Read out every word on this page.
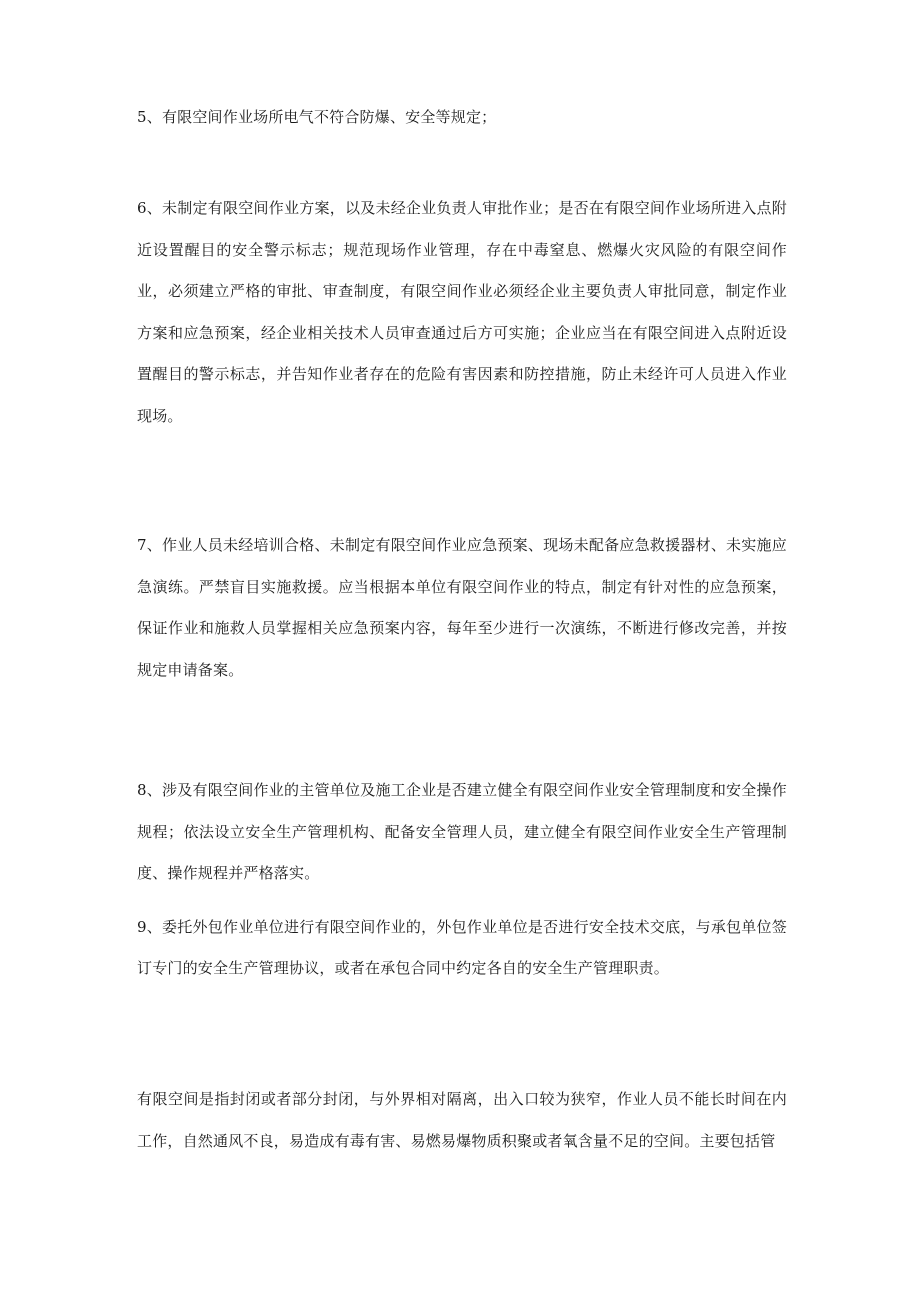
5、有限空间作业场所电气不符合防爆、安全等规定；

6、未制定有限空间作业方案，以及未经企业负责人审批作业；是否在有限空间作业场所进入点附近设置醒目的安全警示标志；规范现场作业管理，存在中毒窒息、燃爆火灾风险的有限空间作业，必须建立严格的审批、审查制度，有限空间作业必须经企业主要负责人审批同意，制定作业方案和应急预案，经企业相关技术人员审查通过后方可实施；企业应当在有限空间进入点附近设置醒目的警示标志，并告知作业者存在的危险有害因素和防控措施，防止未经许可人员进入作业现场。

7、作业人员未经培训合格、未制定有限空间作业应急预案、现场未配备应急救援器材、未实施应急演练。严禁盲目实施救援。应当根据本单位有限空间作业的特点，制定有针对性的应急预案，保证作业和施救人员掌握相关应急预案内容，每年至少进行一次演练，不断进行修改完善，并按规定申请备案。

8、涉及有限空间作业的主管单位及施工企业是否建立健全有限空间作业安全管理制度和安全操作规程；依法设立安全生产管理机构、配备安全管理人员，建立健全有限空间作业安全生产管理制度、操作规程并严格落实。

9、委托外包作业单位进行有限空间作业的，外包作业单位是否进行安全技术交底，与承包单位签订专门的安全生产管理协议，或者在承包合同中约定各自的安全生产管理职责。

有限空间是指封闭或者部分封闭，与外界相对隔离，出入口较为狭窄，作业人员不能长时间在内工作，自然通风不良，易造成有毒有害、易燃易爆物质积聚或者氧含量不足的空间。主要包括管
